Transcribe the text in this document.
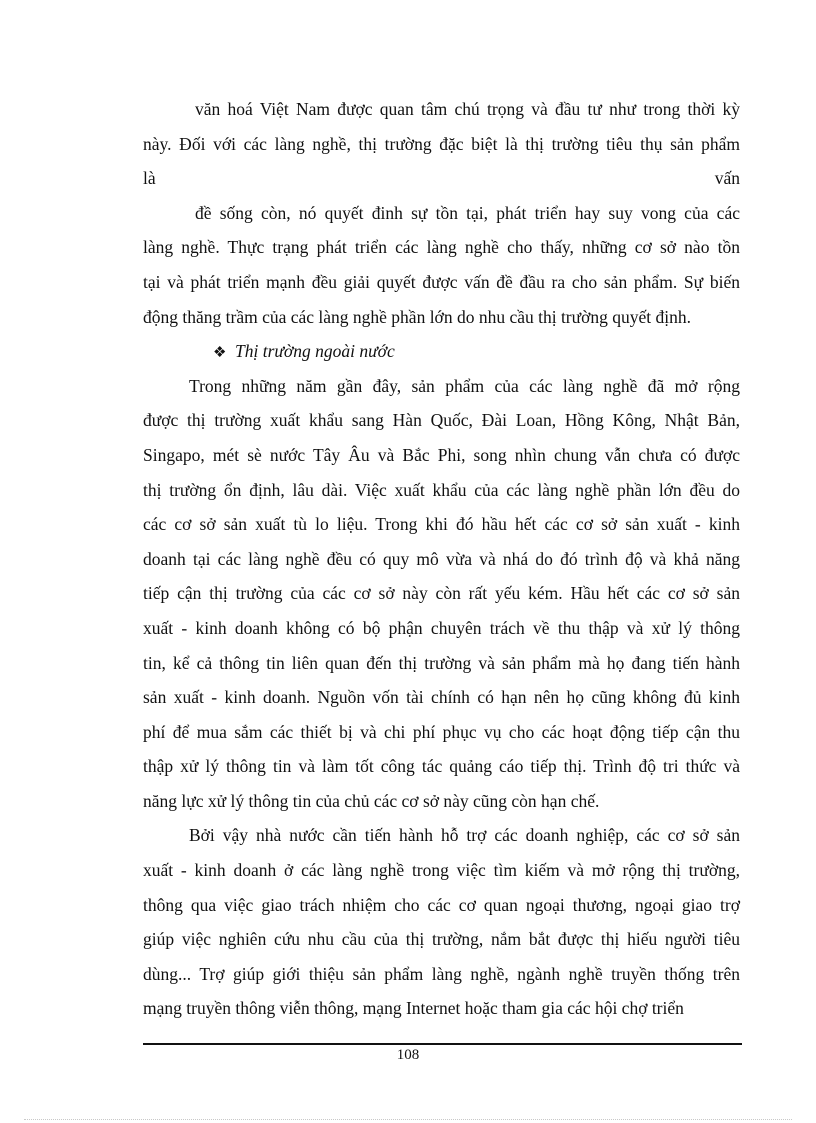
văn hoá Việt Nam được quan tâm chú trọng và đầu tư như trong thời kỳ
này. Đối với các làng nghề, thị trường đặc biệt là thị trường tiêu thụ sản phẩm
là	vấn
đề sống còn, nó quyết đinh sự tồn tại, phát triển hay suy vong của các
làng nghề. Thực trạng phát triển các làng nghề cho thấy, những cơ sở nào tồn
tại và phát triển mạnh đều giải quyết được vấn đề đầu ra cho sản phẩm. Sự biến
động thăng trầm của các làng nghề phần lớn do nhu cầu thị trường quyết định.
❖ Thị trường ngoài nước
Trong những năm gần đây, sản phẩm của các làng nghề đã mở rộng
được thị trường xuất khẩu sang Hàn Quốc, Đài Loan, Hồng Kông, Nhật Bản,
Singapo, mét sè nước Tây Âu và Bắc Phi, song nhìn chung vẫn chưa có được
thị trường ổn định, lâu dài. Việc xuất khẩu của các làng nghề phần lớn đều do
các cơ sở sản xuất tù lo liệu. Trong khi đó hầu hết các cơ sở sản xuất - kinh
doanh tại các làng nghề đều có quy mô vừa và nhá do đó trình độ và khả năng
tiếp cận thị trường của các cơ sở này còn rất yếu kém. Hầu hết các cơ sở sản
xuất - kinh doanh không có bộ phận chuyên trách về thu thập và xử lý thông
tin, kể cả thông tin liên quan đến thị trường và sản phẩm mà họ đang tiến hành
sản xuất - kinh doanh. Nguồn vốn tài chính có hạn nên họ cũng không đủ kinh
phí để mua sắm các thiết bị và chi phí phục vụ cho các hoạt động tiếp cận thu
thập xử lý thông tin và làm tốt công tác quảng cáo tiếp thị. Trình độ tri thức và
năng lực xử lý thông tin của chủ các cơ sở này cũng còn hạn chế.
Bởi vậy nhà nước cần tiến hành hỗ trợ các doanh nghiệp, các cơ sở sản
xuất - kinh doanh ở các làng nghề trong việc tìm kiếm và mở rộng thị trường,
thông qua việc giao trách nhiệm cho các cơ quan ngoại thương, ngoại giao trợ
giúp việc nghiên cứu nhu cầu của thị trường, nắm bắt được thị hiếu người tiêu
dùng... Trợ giúp giới thiệu sản phẩm làng nghề, ngành nghề truyền thống trên
mạng truyền thông viễn thông, mạng Internet hoặc tham gia các hội chợ triển
108
